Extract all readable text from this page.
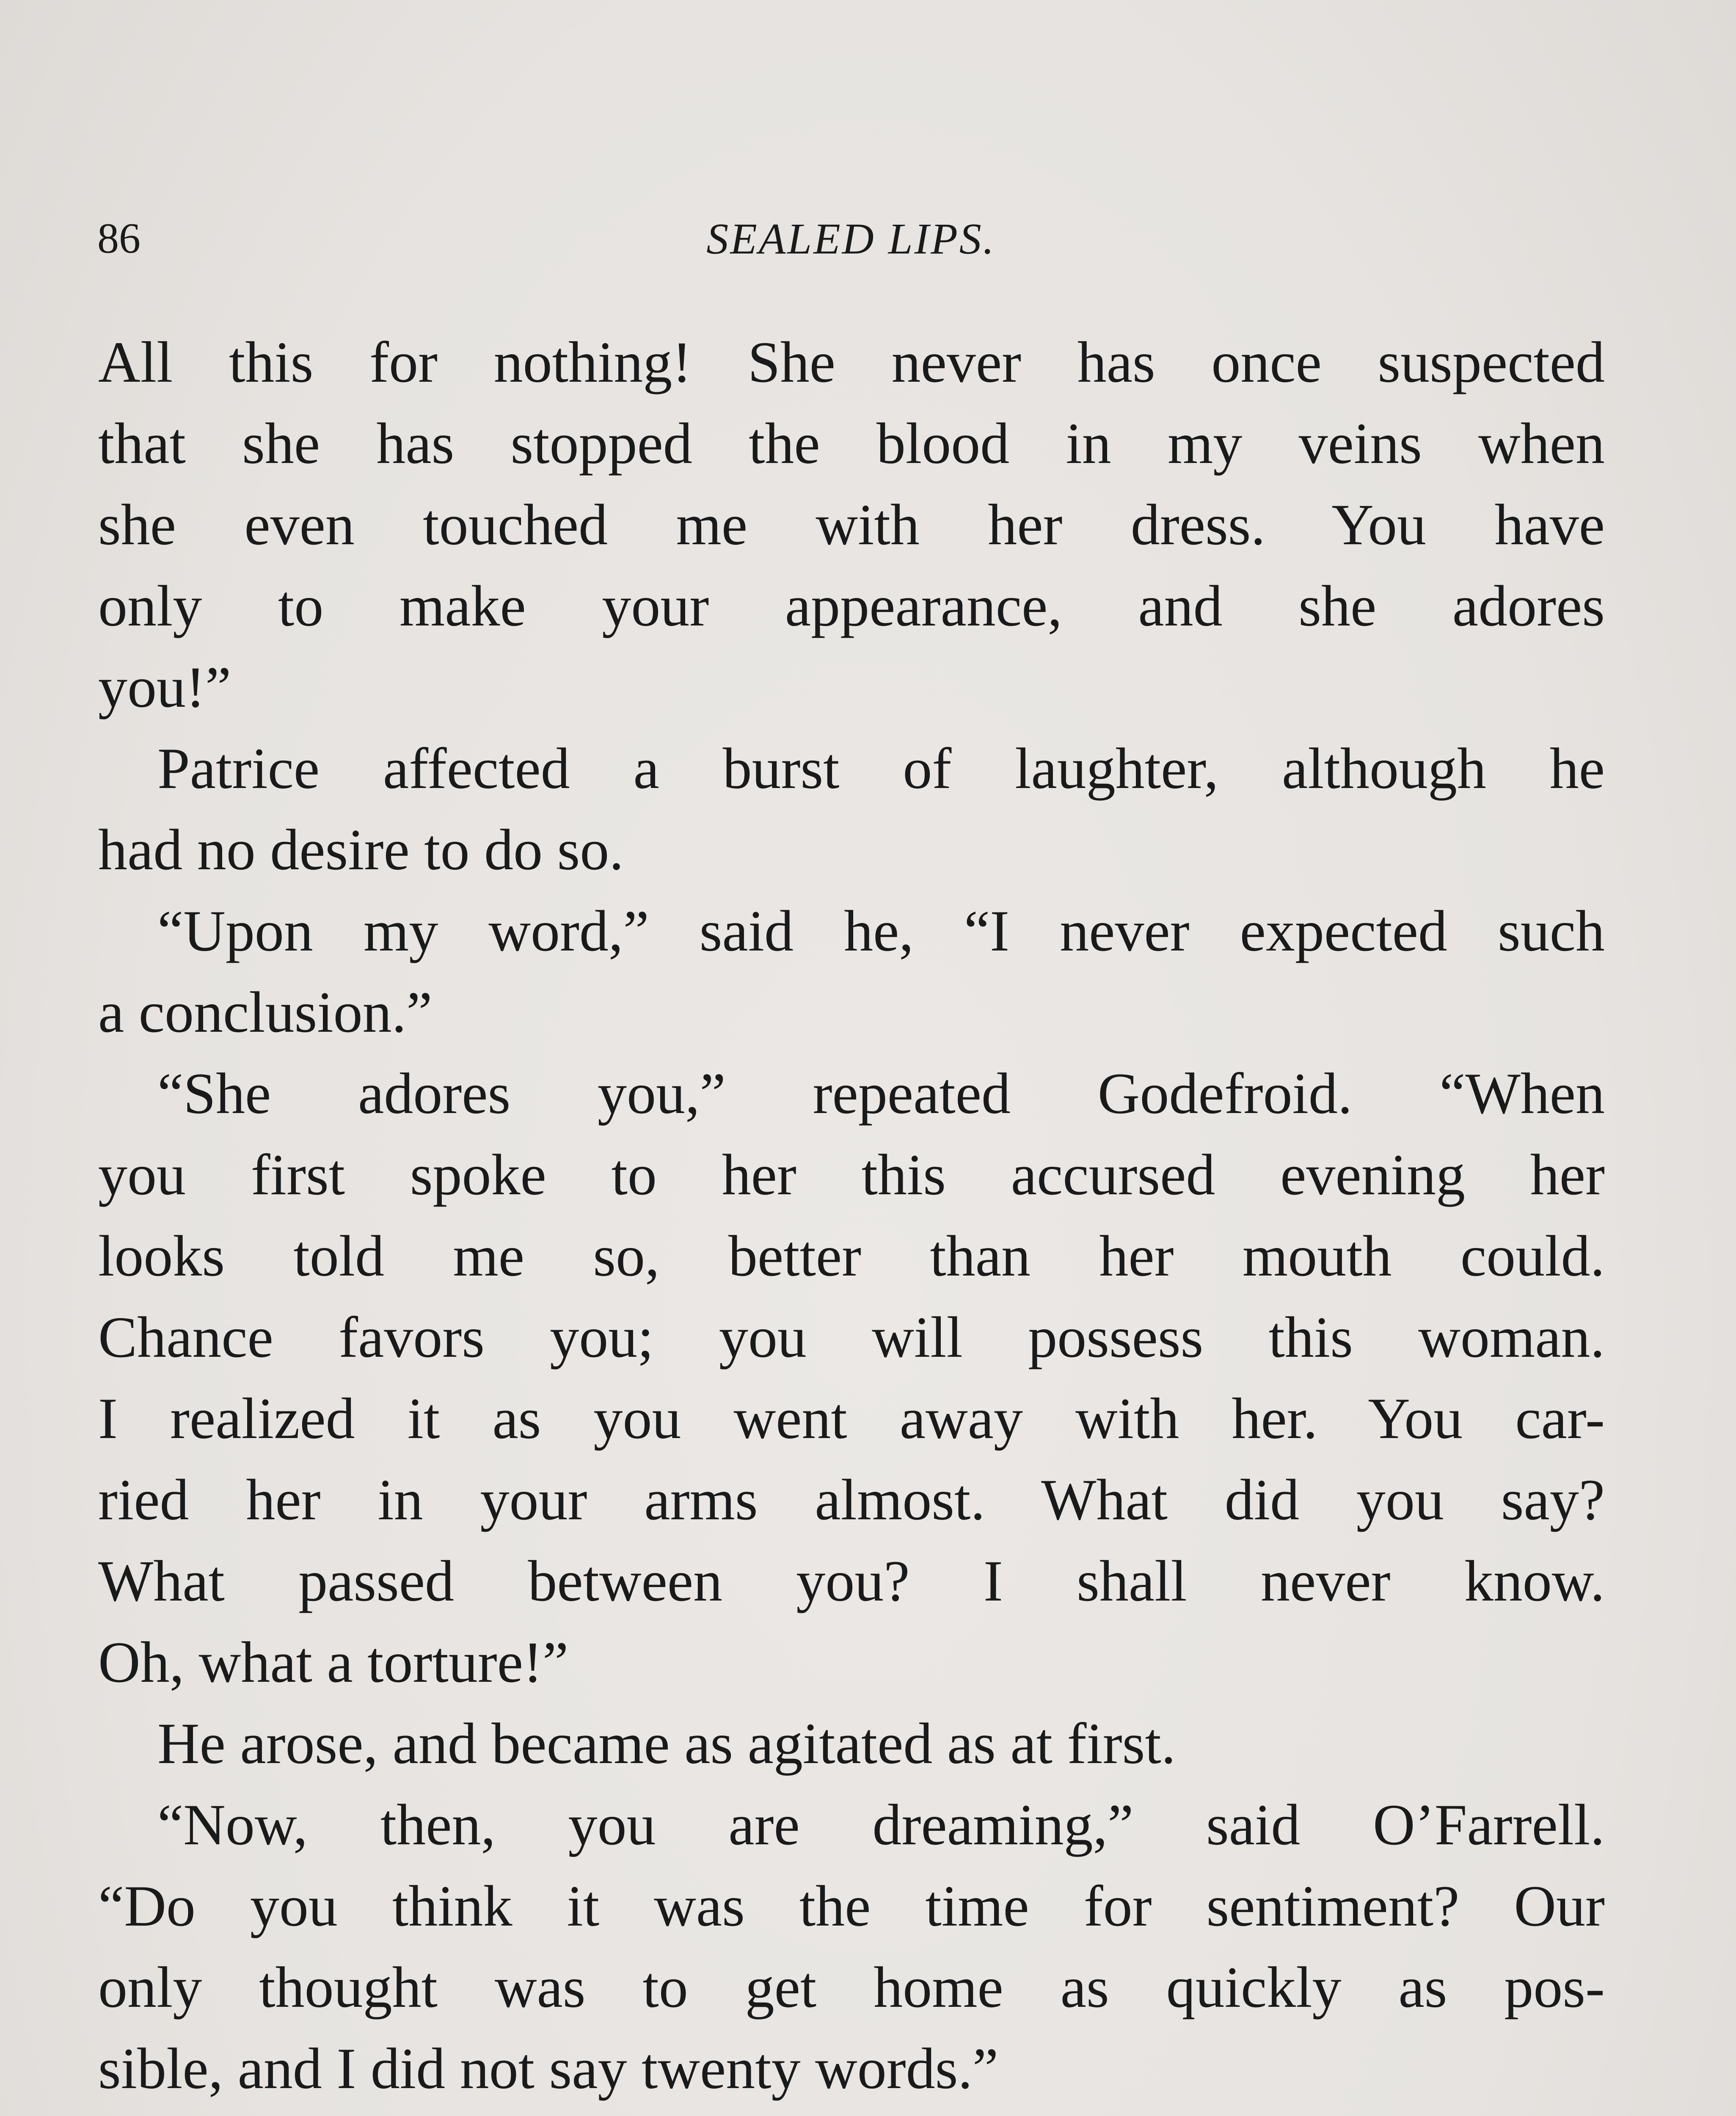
86	SEALED LIPS.
All this for nothing! She never has once suspected
that she has stopped the blood in my veins when
she even touched me with her dress. You have
only to make your appearance, and she adores
you!”
Patrice affected a burst of laughter, although he
had no desire to do so.
“Upon my word,” said he, “I never expected such
a conclusion.”
“She adores you,” repeated Godefroid. “When
you first spoke to her this accursed evening her
looks told me so, better than her mouth could.
Chance favors you; you will possess this woman.
I realized it as you went away with her. You car-
ried her in your arms almost. What did you say?
What passed between you? I shall never know.
Oh, what a torture!”
He arose, and became as agitated as at first.
“Now, then, you are dreaming,” said O’Farrell.
“Do you think it was the time for sentiment? Our
only thought was to get home as quickly as pos-
sible, and I did not say twenty words.”
